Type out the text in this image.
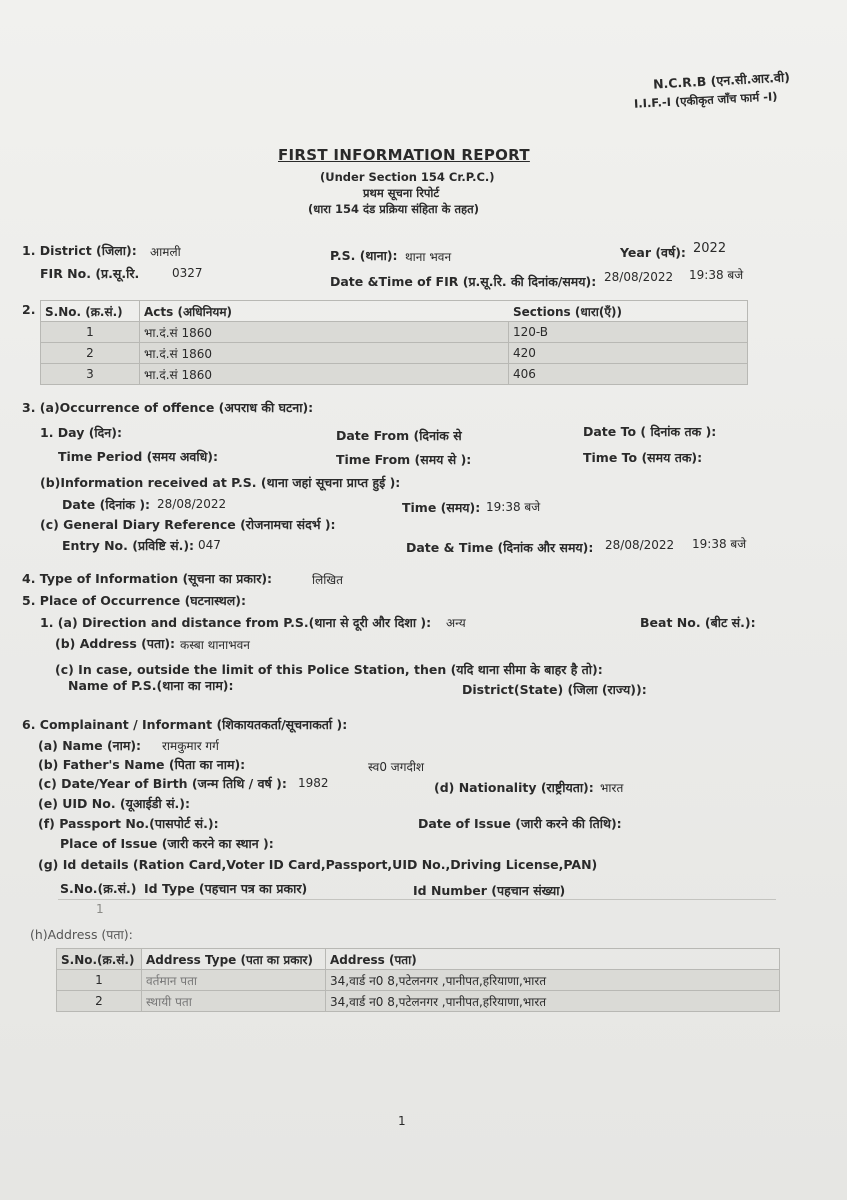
N.C.R.B (एन.सी.आर.वी)
I.I.F.-I (एकीकृत जाँच फार्म -I)
FIRST INFORMATION REPORT
(Under Section 154 Cr.P.C.)
प्रथम सूचना रिपोर्ट
(धारा 154 दंड प्रक्रिया संहिता के तहत)
1. District (जिला): आमली	P.S. (थाना): थाना भवन	Year (वर्ष): 2022
FIR No. (प्र.सू.रि.	0327
Date &Time of FIR (प्र.सू.रि. की दिनांक/समय): 28/08/2022 19:38 बजे
2. S.No. (क्र.सं.)	Acts (अधिनियम)	Sections (धारा(एँ))
1	भा.दं.सं 1860	120-B
2	भा.दं.सं 1860	420
3	भा.दं.सं 1860	406
3. (a)Occurrence of offence (अपराध की घटना):
1. Day (दिन):	Date From (दिनांक से	Date To ( दिनांक तक ):
Time Period (समय अवधि):	Time From (समय से ):	Time To (समय तक):
(b)Information received at P.S. (थाना जहां सूचना प्राप्त हुई ):
Date (दिनांक ): 28/08/2022	Time (समय): 19:38 बजे
(c) General Diary Reference (रोजनामचा संदर्भ ):
Entry No. (प्रविष्टि सं.): 047	Date & Time (दिनांक और समय): 28/08/2022 19:38 बजे
4. Type of Information (सूचना का प्रकार):	लिखित
5. Place of Occurrence (घटनास्थल):
1. (a) Direction and distance from P.S.(थाना से दूरी और दिशा ): अन्य	Beat No. (बीट सं.):
(b) Address (पता): कस्बा थानाभवन
(c) In case, outside the limit of this Police Station, then (यदि थाना सीमा के बाहर है तो):
Name of P.S.(थाना का नाम):	District(State) (जिला (राज्य)):
6. Complainant / Informant (शिकायतकर्ता/सूचनाकर्ता ):
(a) Name (नाम): रामकुमार गर्ग
(b) Father's Name (पिता का नाम):	स्व0 जगदीश
(c) Date/Year of Birth (जन्म तिथि / वर्ष ): 1982	(d) Nationality (राष्ट्रीयता): भारत
(e) UID No. (यूआईडी सं.):
(f) Passport No.(पासपोर्ट सं.):	Date of Issue (जारी करने की तिथि):
Place of Issue (जारी करने का स्थान ):
(g) Id details (Ration Card,Voter ID Card,Passport,UID No.,Driving License,PAN)
S.No.(क्र.सं.) Id Type (पहचान पत्र का प्रकार)	Id Number (पहचान संख्या)
1
(h)Address (पता):
S.No.(क्र.सं.)	Address Type (पता का प्रकार)	Address (पता)
1	वर्तमान पता	34,वार्ड न0 8,पटेलनगर ,पानीपत,हरियाणा,भारत
2	स्थायी पता	34,वार्ड न0 8,पटेलनगर ,पानीपत,हरियाणा,भारत
1
